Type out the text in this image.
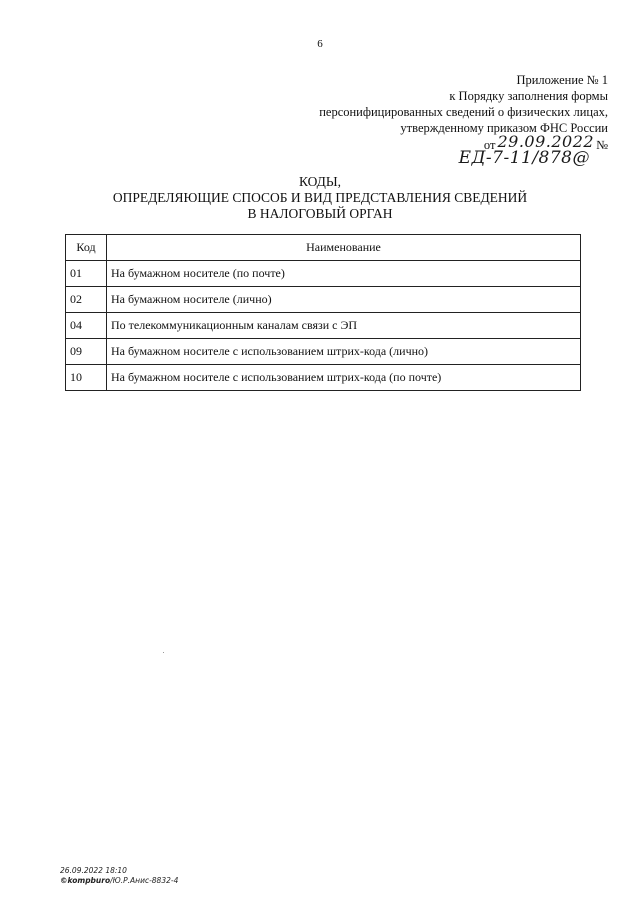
6
Приложение № 1
к Порядку заполнения формы
персонифицированных сведений о физических лицах,
утвержденному приказом ФНС России
от 29.09.2022 №
ЕД-7-11/878@
КОДЫ,
ОПРЕДЕЛЯЮЩИЕ СПОСОБ И ВИД ПРЕДСТАВЛЕНИЯ СВЕДЕНИЙ
В НАЛОГОВЫЙ ОРГАН
Код	Наименование
01	На бумажном носителе (по почте)
02	На бумажном носителе (лично)
04	По телекоммуникационным каналам связи с ЭП
09	На бумажном носителе с использованием штрих-кода (лично)
10	На бумажном носителе с использованием штрих-кода (по почте)
26.09.2022 18:10
©kompburo/Ю.Р.Анис-8832-4
